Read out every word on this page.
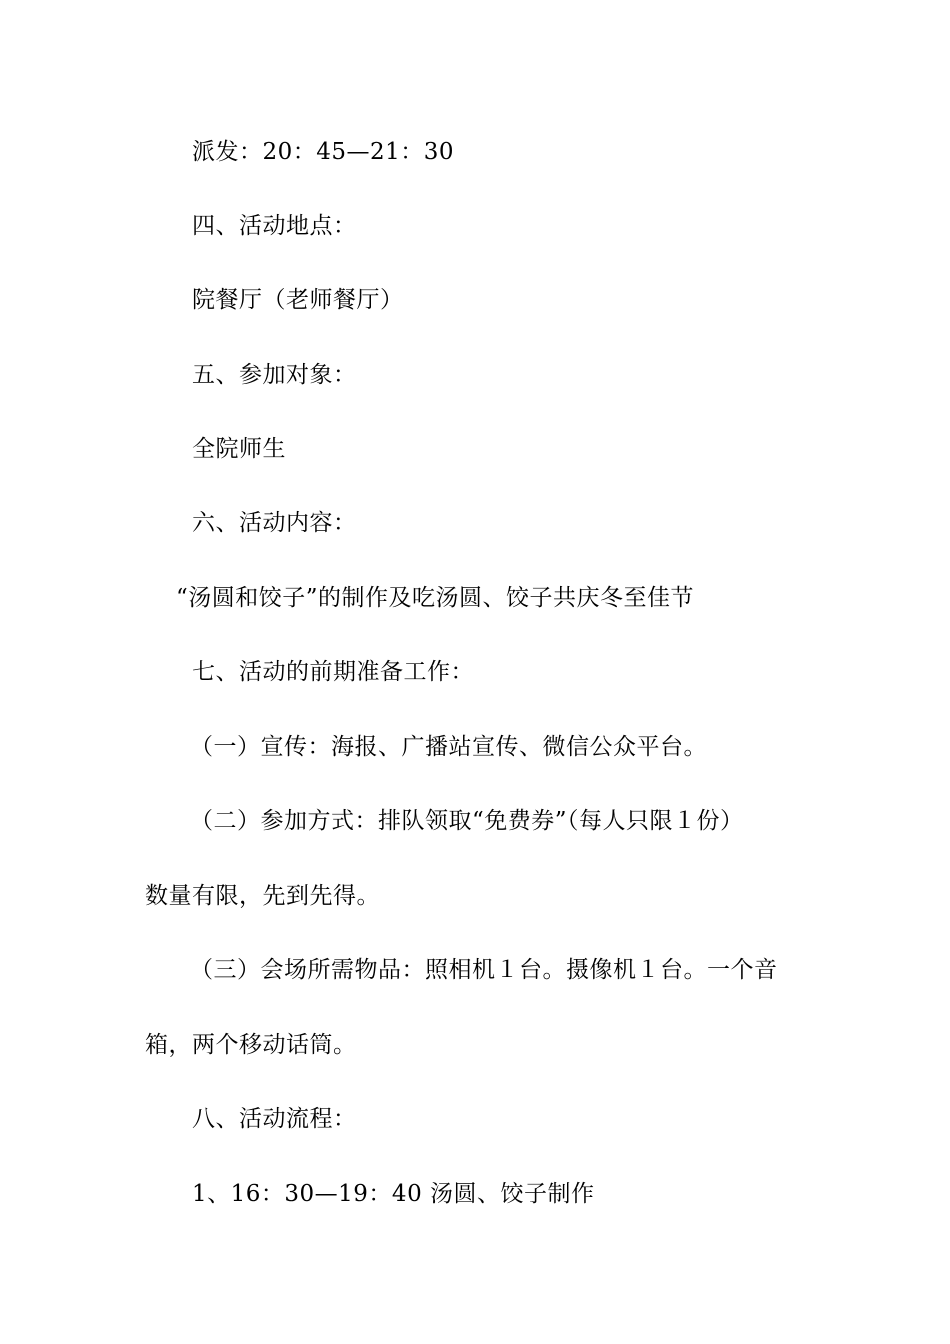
派发：20：45—21：30
四、活动地点：
院餐厅（老师餐厅）
五、参加对象：
全院师生
六、活动内容：
“汤圆和饺子”的制作及吃汤圆、饺子共庆冬至佳节
七、活动的前期准备工作：
（一）宣传：海报、广播站宣传、微信公众平台。
（二）参加方式：排队领取“免费券”（每人只限１份）
数量有限，先到先得。
（三）会场所需物品：照相机１台。摄像机１台。一个音
箱，两个移动话筒。
八、活动流程：
1、16：30—19：40 汤圆、饺子制作
